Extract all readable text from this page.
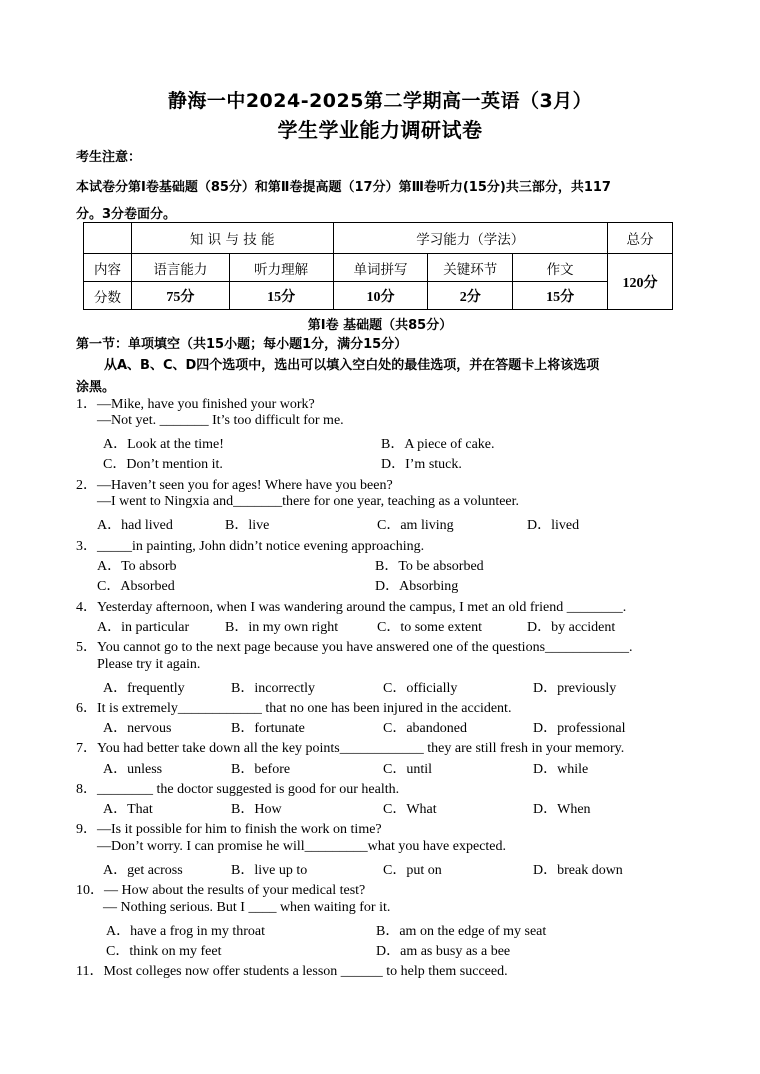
静海一中2024-2025第二学期高一英语（3月）
学生学业能力调研试卷
考生注意：
本试卷分第Ⅰ卷基础题（85分）和第Ⅱ卷提高题（17分）第Ⅲ卷听力(15分)共三部分，共117
分。3分卷面分。
	知 识 与 技 能		学习能力（学法）			总分
内容	语言能力	听力理解	单词拼写	关键环节	作文	120分
分数	75分	15分	10分	2分	15分	
第Ⅰ卷 基础题（共85分）
第一节：单项填空（共15小题；每小题1分，满分15分）
从A、B、C、D四个选项中，选出可以填入空白处的最佳选项，并在答题卡上将该选项
涂黑。
1．—Mike, have you finished your work?
—Not yet. _______ It’s too difficult for me.
A．Look at the time!	B．A piece of cake.
C．Don’t mention it.	D．I’m stuck.
2．—Haven’t seen you for ages! Where have you been?
—I went to Ningxia and_______there for one year, teaching as a volunteer.
A．had lived	B．live	C．am living	D．lived
3．_____in painting, John didn’t notice evening approaching.
A．To absorb	B．To be absorbed
C．Absorbed	D．Absorbing
4．Yesterday afternoon, when I was wandering around the campus, I met an old friend ________.
A．in particular	B．in my own right	C．to some extent	D．by accident
5．You cannot go to the next page because you have answered one of the questions____________.
Please try it again.
A．frequently	B．incorrectly	C．officially	D．previously
6．It is extremely____________ that no one has been injured in the accident.
A．nervous	B．fortunate	C．abandoned	D．professional
7．You had better take down all the key points____________ they are still fresh in your memory.
A．unless	B．before	C．until	D．while
8．________ the doctor suggested is good for our health.
A．That	B．How	C．What	D．When
9．—Is it possible for him to finish the work on time?
—Don’t worry. I can promise he will_________what you have expected.
A．get across	B．live up to	C．put on	D．break down
10．— How about the results of your medical test?
— Nothing serious. But I ____ when waiting for it.
A．have a frog in my throat	B．am on the edge of my seat
C．think on my feet	D．am as busy as a bee
11．Most colleges now offer students a lesson ______ to help them succeed.
